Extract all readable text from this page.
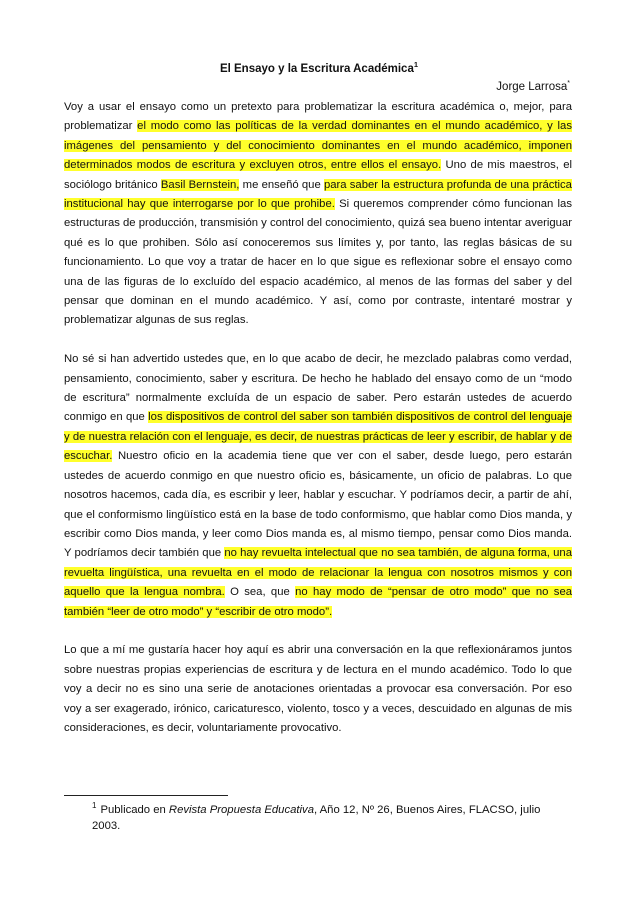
El Ensayo y la Escritura Académica$^1$
Jorge Larrosa*

Voy a usar el ensayo como un pretexto para problematizar la escritura académica o, mejor, para problematizar el modo como las políticas de la verdad dominantes en el mundo académico, y las imágenes del pensamiento y del conocimiento dominantes en el mundo académico, imponen determinados modos de escritura y excluyen otros, entre ellos el ensayo. Uno de mis maestros, el sociólogo británico Basil Bernstein, me enseñó que para saber la estructura profunda de una práctica institucional hay que interrogarse por lo que prohibe. Si queremos comprender cómo funcionan las estructuras de producción, transmisión y control del conocimiento, quizá sea bueno intentar averiguar qué es lo que prohiben. Sólo así conoceremos sus límites y, por tanto, las reglas básicas de su funcionamiento. Lo que voy a tratar de hacer en lo que sigue es reflexionar sobre el ensayo como una de las figuras de lo excluído del espacio académico, al menos de las formas del saber y del pensar que dominan en el mundo académico. Y así, como por contraste, intentaré mostrar y problematizar algunas de sus reglas.

No sé si han advertido ustedes que, en lo que acabo de decir, he mezclado palabras como verdad, pensamiento, conocimiento, saber y escritura. De hecho he hablado del ensayo como de un “modo de escritura” normalmente excluída de un espacio de saber. Pero estarán ustedes de acuerdo conmigo en que los dispositivos de control del saber son también dispositivos de control del lenguaje y de nuestra relación con el lenguaje, es decir, de nuestras prácticas de leer y escribir, de hablar y de escuchar. Nuestro oficio en la academia tiene que ver con el saber, desde luego, pero estarán ustedes de acuerdo conmigo en que nuestro oficio es, básicamente, un oficio de palabras. Lo que nosotros hacemos, cada día, es escribir y leer, hablar y escuchar. Y podríamos decir, a partir de ahí, que el conformismo lingüístico está en la base de todo conformismo, que hablar como Dios manda, y escribir como Dios manda, y leer como Dios manda es, al mismo tiempo, pensar como Dios manda. Y podríamos decir también que no hay revuelta intelectual que no sea también, de alguna forma, una revuelta lingüística, una revuelta en el modo de relacionar la lengua con nosotros mismos y con aquello que la lengua nombra. O sea, que no hay modo de “pensar de otro modo” que no sea también “leer de otro modo” y “escribir de otro modo”.

Lo que a mí me gustaría hacer hoy aquí es abrir una conversación en la que reflexionáramos juntos sobre nuestras propias experiencias de escritura y de lectura en el mundo académico. Todo lo que voy a decir no es sino una serie de anotaciones orientadas a provocar esa conversación. Por eso voy a ser exagerado, irónico, caricaturesco, violento, tosco y a veces, descuidado en algunas de mis consideraciones, es decir, voluntariamente provocativo.

$^1$ Publicado en Revista Propuesta Educativa, Año 12, Nº 26, Buenos Aires, FLACSO, julio 2003.
